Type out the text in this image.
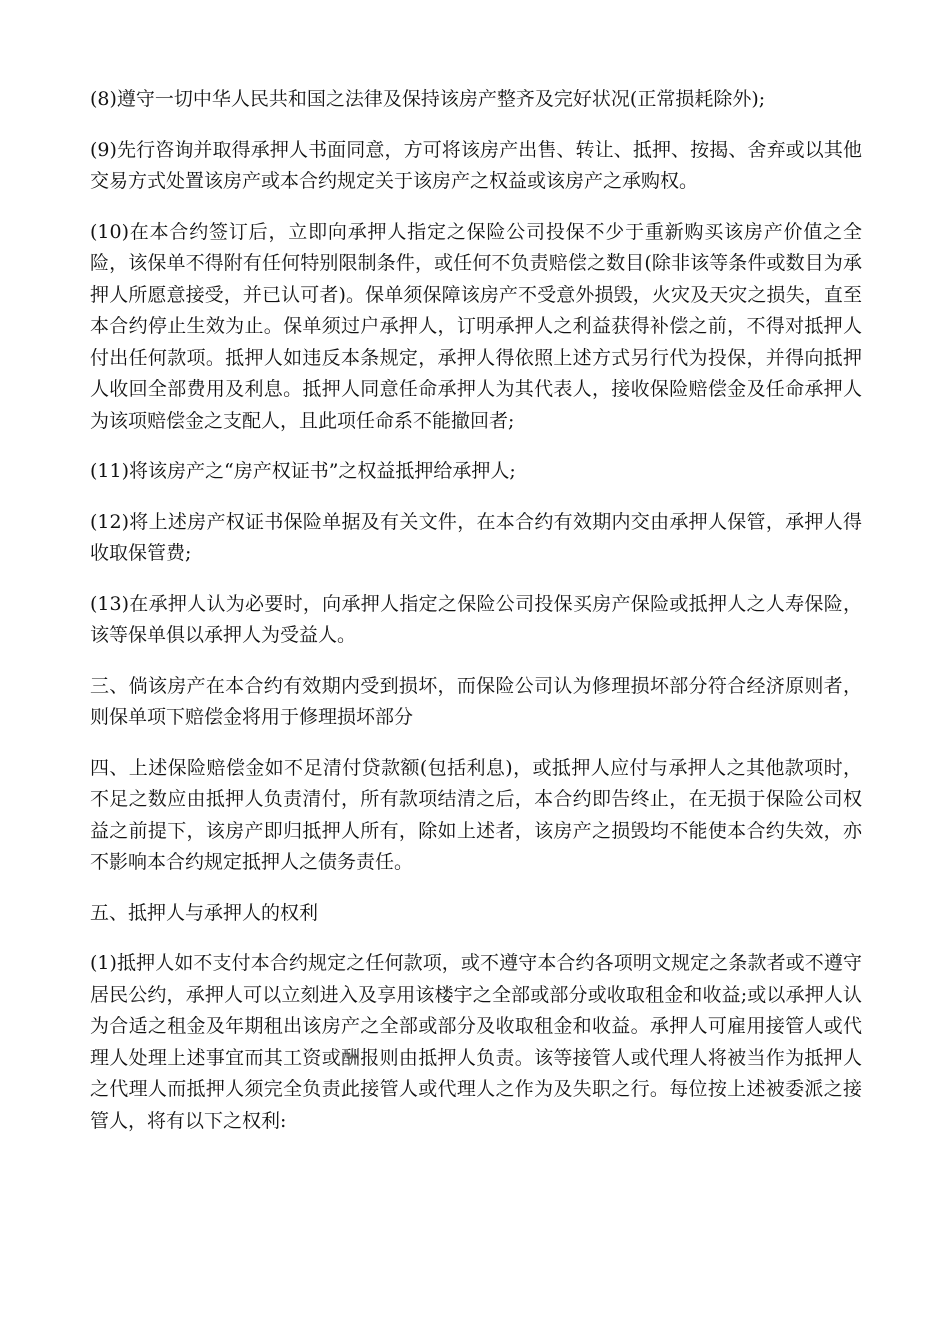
(8)遵守一切中华人民共和国之法律及保持该房产整齐及完好状况(正常损耗除外);

(9)先行咨询并取得承押人书面同意，方可将该房产出售、转让、抵押、按揭、舍弃或以其他交易方式处置该房产或本合约规定关于该房产之权益或该房产之承购权。

(10)在本合约签订后，立即向承押人指定之保险公司投保不少于重新购买该房产价值之全险，该保单不得附有任何特别限制条件，或任何不负责赔偿之数目(除非该等条件或数目为承押人所愿意接受，并已认可者)。保单须保障该房产不受意外损毁，火灾及天灾之损失，直至本合约停止生效为止。保单须过户承押人，订明承押人之利益获得补偿之前，不得对抵押人付出任何款项。抵押人如违反本条规定，承押人得依照上述方式另行代为投保，并得向抵押人收回全部费用及利息。抵押人同意任命承押人为其代表人，接收保险赔偿金及任命承押人为该项赔偿金之支配人，且此项任命系不能撤回者;

(11)将该房产之“房产权证书”之权益抵押给承押人;

(12)将上述房产权证书保险单据及有关文件，在本合约有效期内交由承押人保管，承押人得收取保管费;

(13)在承押人认为必要时，向承押人指定之保险公司投保买房产保险或抵押人之人寿保险，该等保单俱以承押人为受益人。

三、倘该房产在本合约有效期内受到损坏，而保险公司认为修理损坏部分符合经济原则者，则保单项下赔偿金将用于修理损坏部分

四、上述保险赔偿金如不足清付贷款额(包括利息)，或抵押人应付与承押人之其他款项时，不足之数应由抵押人负责清付，所有款项结清之后，本合约即告终止，在无损于保险公司权益之前提下，该房产即归抵押人所有，除如上述者，该房产之损毁均不能使本合约失效，亦不影响本合约规定抵押人之债务责任。

五、抵押人与承押人的权利

(1)抵押人如不支付本合约规定之任何款项，或不遵守本合约各项明文规定之条款者或不遵守居民公约，承押人可以立刻进入及享用该楼宇之全部或部分或收取租金和收益;或以承押人认为合适之租金及年期租出该房产之全部或部分及收取租金和收益。承押人可雇用接管人或代理人处理上述事宜而其工资或酬报则由抵押人负责。该等接管人或代理人将被当作为抵押人之代理人而抵押人须完全负责此接管人或代理人之作为及失职之行。每位按上述被委派之接管人，将有以下之权利:
